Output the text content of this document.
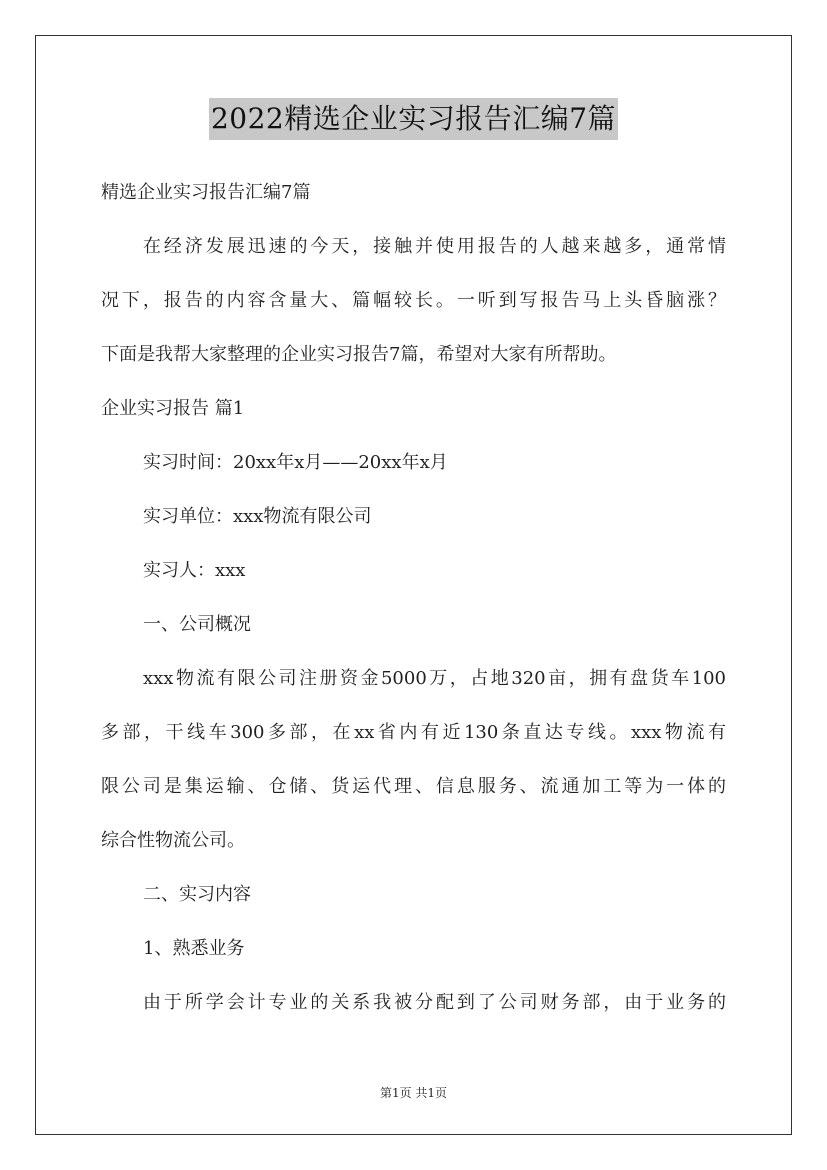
2022精选企业实习报告汇编7篇
精选企业实习报告汇编7篇
在经济发展迅速的今天，接触并使用报告的人越来越多，通常情
况下，报告的内容含量大、篇幅较长。一听到写报告马上头昏脑涨？
下面是我帮大家整理的企业实习报告7篇，希望对大家有所帮助。
企业实习报告 篇1
实习时间：20xx年x月——20xx年x月
实习单位：xxx物流有限公司
实习人：xxx
一、公司概况
xxx物流有限公司注册资金5000万，占地320亩，拥有盘货车100
多部，干线车300多部，在xx省内有近130条直达专线。xxx物流有
限公司是集运输、仓储、货运代理、信息服务、流通加工等为一体的
综合性物流公司。
二、实习内容
1、熟悉业务
由于所学会计专业的关系我被分配到了公司财务部，由于业务的
第1页 共1页
